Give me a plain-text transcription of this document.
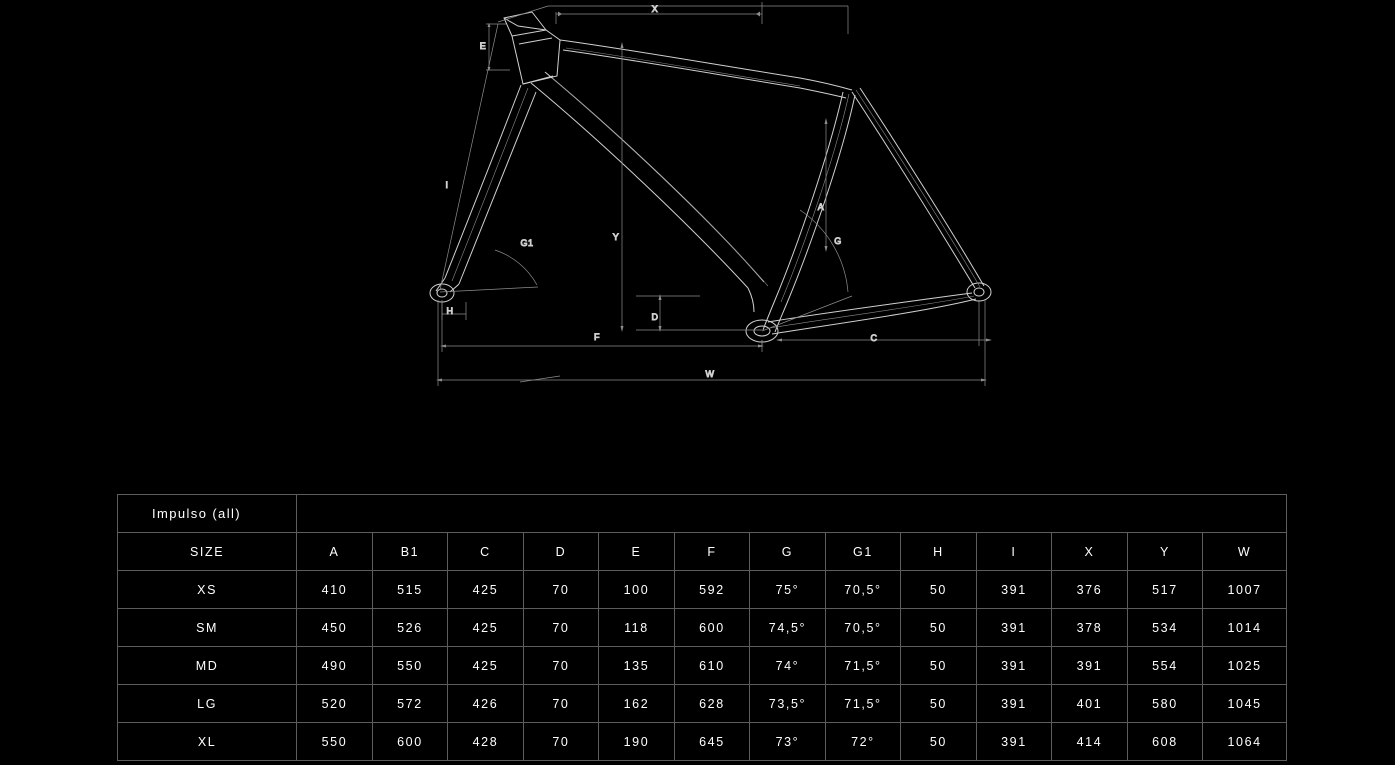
X
E
I
G1
Y
A
G
D
H
F	C
W
Impulso (all)													
SIZE	A	B1	C	D	E	F	G	G1	H	I	X	Y	W
XS	410	515	425	70	100	592	75°	70,5°	50	391	376	517	1007
SM	450	526	425	70	118	600	74,5°	70,5°	50	391	378	534	1014
MD	490	550	425	70	135	610	74°	71,5°	50	391	391	554	1025
LG	520	572	426	70	162	628	73,5°	71,5°	50	391	401	580	1045
XL	550	600	428	70	190	645	73°	72°	50	391	414	608	1064
